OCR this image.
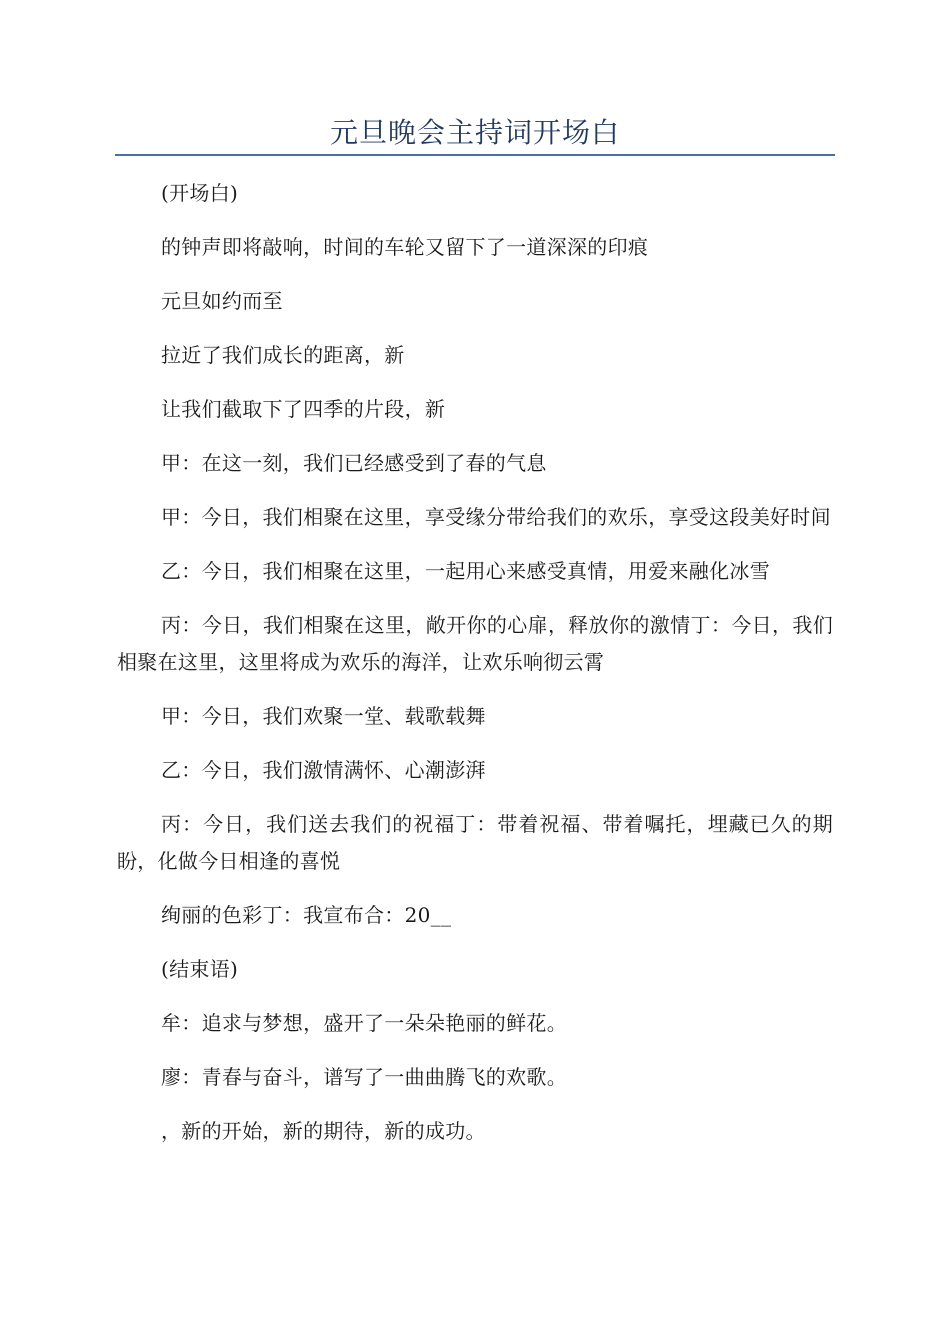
元旦晚会主持词开场白

(开场白)

的钟声即将敲响，时间的车轮又留下了一道深深的印痕

元旦如约而至

拉近了我们成长的距离，新

让我们截取下了四季的片段，新

甲：在这一刻，我们已经感受到了春的气息

甲：今日，我们相聚在这里，享受缘分带给我们的欢乐，享受这段美好时间

乙：今日，我们相聚在这里，一起用心来感受真情，用爱来融化冰雪

丙：今日，我们相聚在这里，敞开你的心扉，释放你的激情丁：今日，我们相聚在这里，这里将成为欢乐的海洋，让欢乐响彻云霄

甲：今日，我们欢聚一堂、载歌载舞

乙：今日，我们激情满怀、心潮澎湃

丙：今日，我们送去我们的祝福丁：带着祝福、带着嘱托，埋藏已久的期盼，化做今日相逢的喜悦

绚丽的色彩丁：我宣布合：20__

(结束语)

牟：追求与梦想，盛开了一朵朵艳丽的鲜花。

廖：青春与奋斗，谱写了一曲曲腾飞的欢歌。

，新的开始，新的期待，新的成功。
